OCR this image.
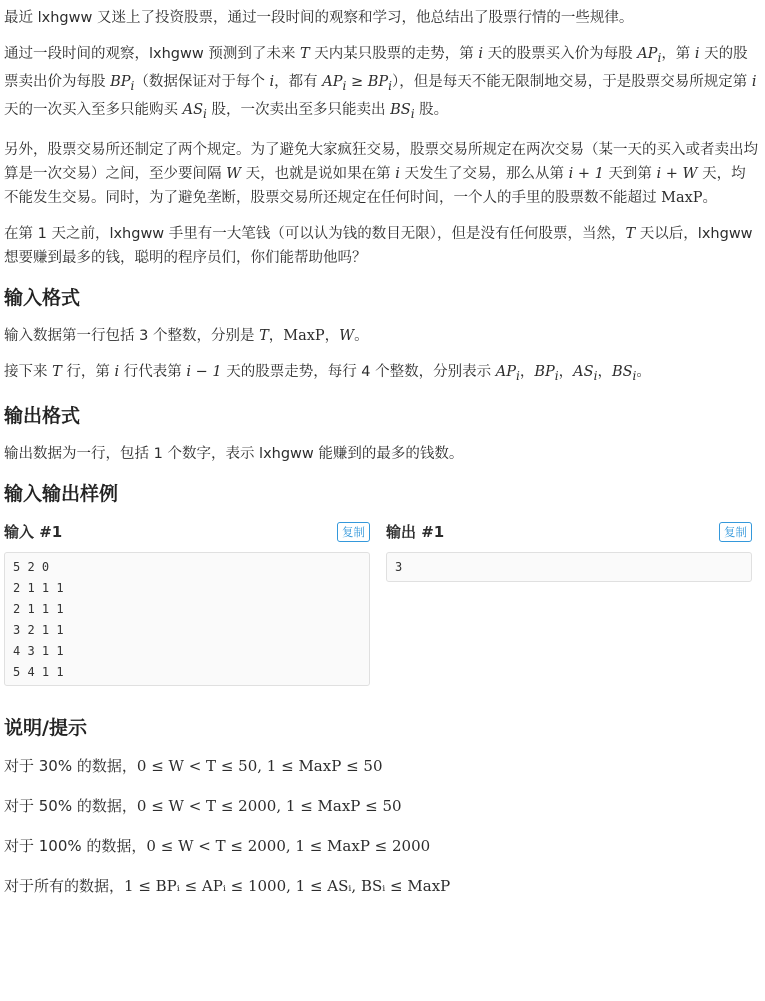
最近 lxhgww 又迷上了投资股票，通过一段时间的观察和学习，他总结出了股票行情的一些规律。

通过一段时间的观察，lxhgww 预测到了未来 T 天内某只股票的走势，第 i 天的股票买入价为每股 $AP_i$，第 i 天的股票卖出价为每股 $BP_i$（数据保证对于每个 i，都有 $AP_i \ge BP_i$），但是每天不能无限制地交易，于是股票交易所规定第 i 天的一次买入至多只能购买 $AS_i$ 股，一次卖出至多只能卖出 $BS_i$ 股。

另外，股票交易所还制定了两个规定。为了避免大家疯狂交易，股票交易所规定在两次交易（某一天的买入或者卖出均算是一次交易）之间，至少要间隔 W 天，也就是说如果在第 i 天发生了交易，那么从第 i + 1 天到第 i + W 天，均不能发生交易。同时，为了避免垄断，股票交易所还规定在任何时间，一个人的手里的股票数不能超过 MaxP。

在第 1 天之前，lxhgww 手里有一大笔钱（可以认为钱的数目无限），但是没有任何股票，当然，T 天以后，lxhgww 想要赚到最多的钱，聪明的程序员们，你们能帮助他吗？

输入格式

输入数据第一行包括 3 个整数，分别是 T，MaxP，W。

接下来 T 行，第 i 行代表第 i − 1 天的股票走势，每行 4 个整数，分别表示 $AP_i$，$BP_i$，$AS_i$，$BS_i$。

输出格式

输出数据为一行，包括 1 个数字，表示 lxhgww 能赚到的最多的钱数。

输入输出样例
输入 #1	复制
5 2 0
2 1 1 1
2 1 1 1
3 2 1 1
4 3 1 1
5 4 1 1
输出 #1	复制
3
说明/提示

对于 30% 的数据，0 ≤ W < T ≤ 50, 1 ≤ MaxP ≤ 50

对于 50% 的数据，0 ≤ W < T ≤ 2000, 1 ≤ MaxP ≤ 50

对于 100% 的数据，0 ≤ W < T ≤ 2000, 1 ≤ MaxP ≤ 2000

对于所有的数据，1 ≤ BPᵢ ≤ APᵢ ≤ 1000, 1 ≤ ASᵢ, BSᵢ ≤ MaxP
